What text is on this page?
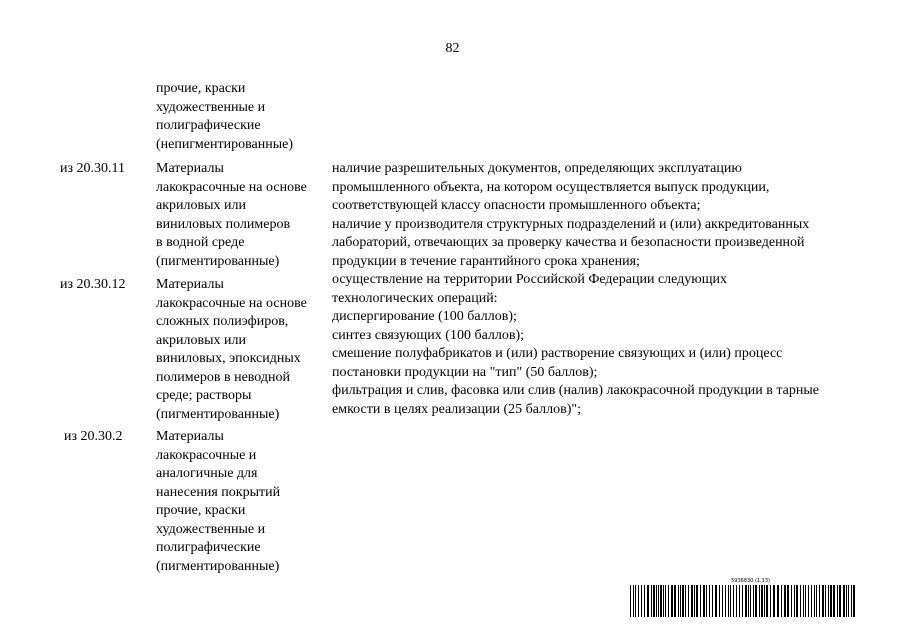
82
прочие, краски
художественные и
полиграфические
(непигментированные)
из 20.30.11 Материалы
лакокрасочные на основе
акриловых или
виниловых полимеров
в водной среде
(пигментированные)
из 20.30.12 Материалы
лакокрасочные на основе
сложных полиэфиров,
акриловых или
виниловых, эпоксидных
полимеров в неводной
среде; растворы
(пигментированные)
из 20.30.2 Материалы
лакокрасочные и
аналогичные для
нанесения покрытий
прочие, краски
художественные и
полиграфические
(пигментированные)

наличие разрешительных документов, определяющих эксплуатацию
промышленного объекта, на котором осуществляется выпуск продукции,
соответствующей классу опасности промышленного объекта;

наличие у производителя структурных подразделений и (или) аккредитованных
лабораторий, отвечающих за проверку качества и безопасности произведенной
продукции в течение гарантийного срока хранения;

осуществление на территории Российской Федерации следующих
технологических операций:

диспергирование (100 баллов);

синтез связующих (100 баллов);

смешение полуфабрикатов и (или) растворение связующих и (или) процесс
постановки продукции на "тип" (50 баллов);

фильтрация и слив, фасовка или слив (налив) лакокрасочной продукции в тарные
емкости в целях реализации (25 баллов)";

5936830 (1.13)
